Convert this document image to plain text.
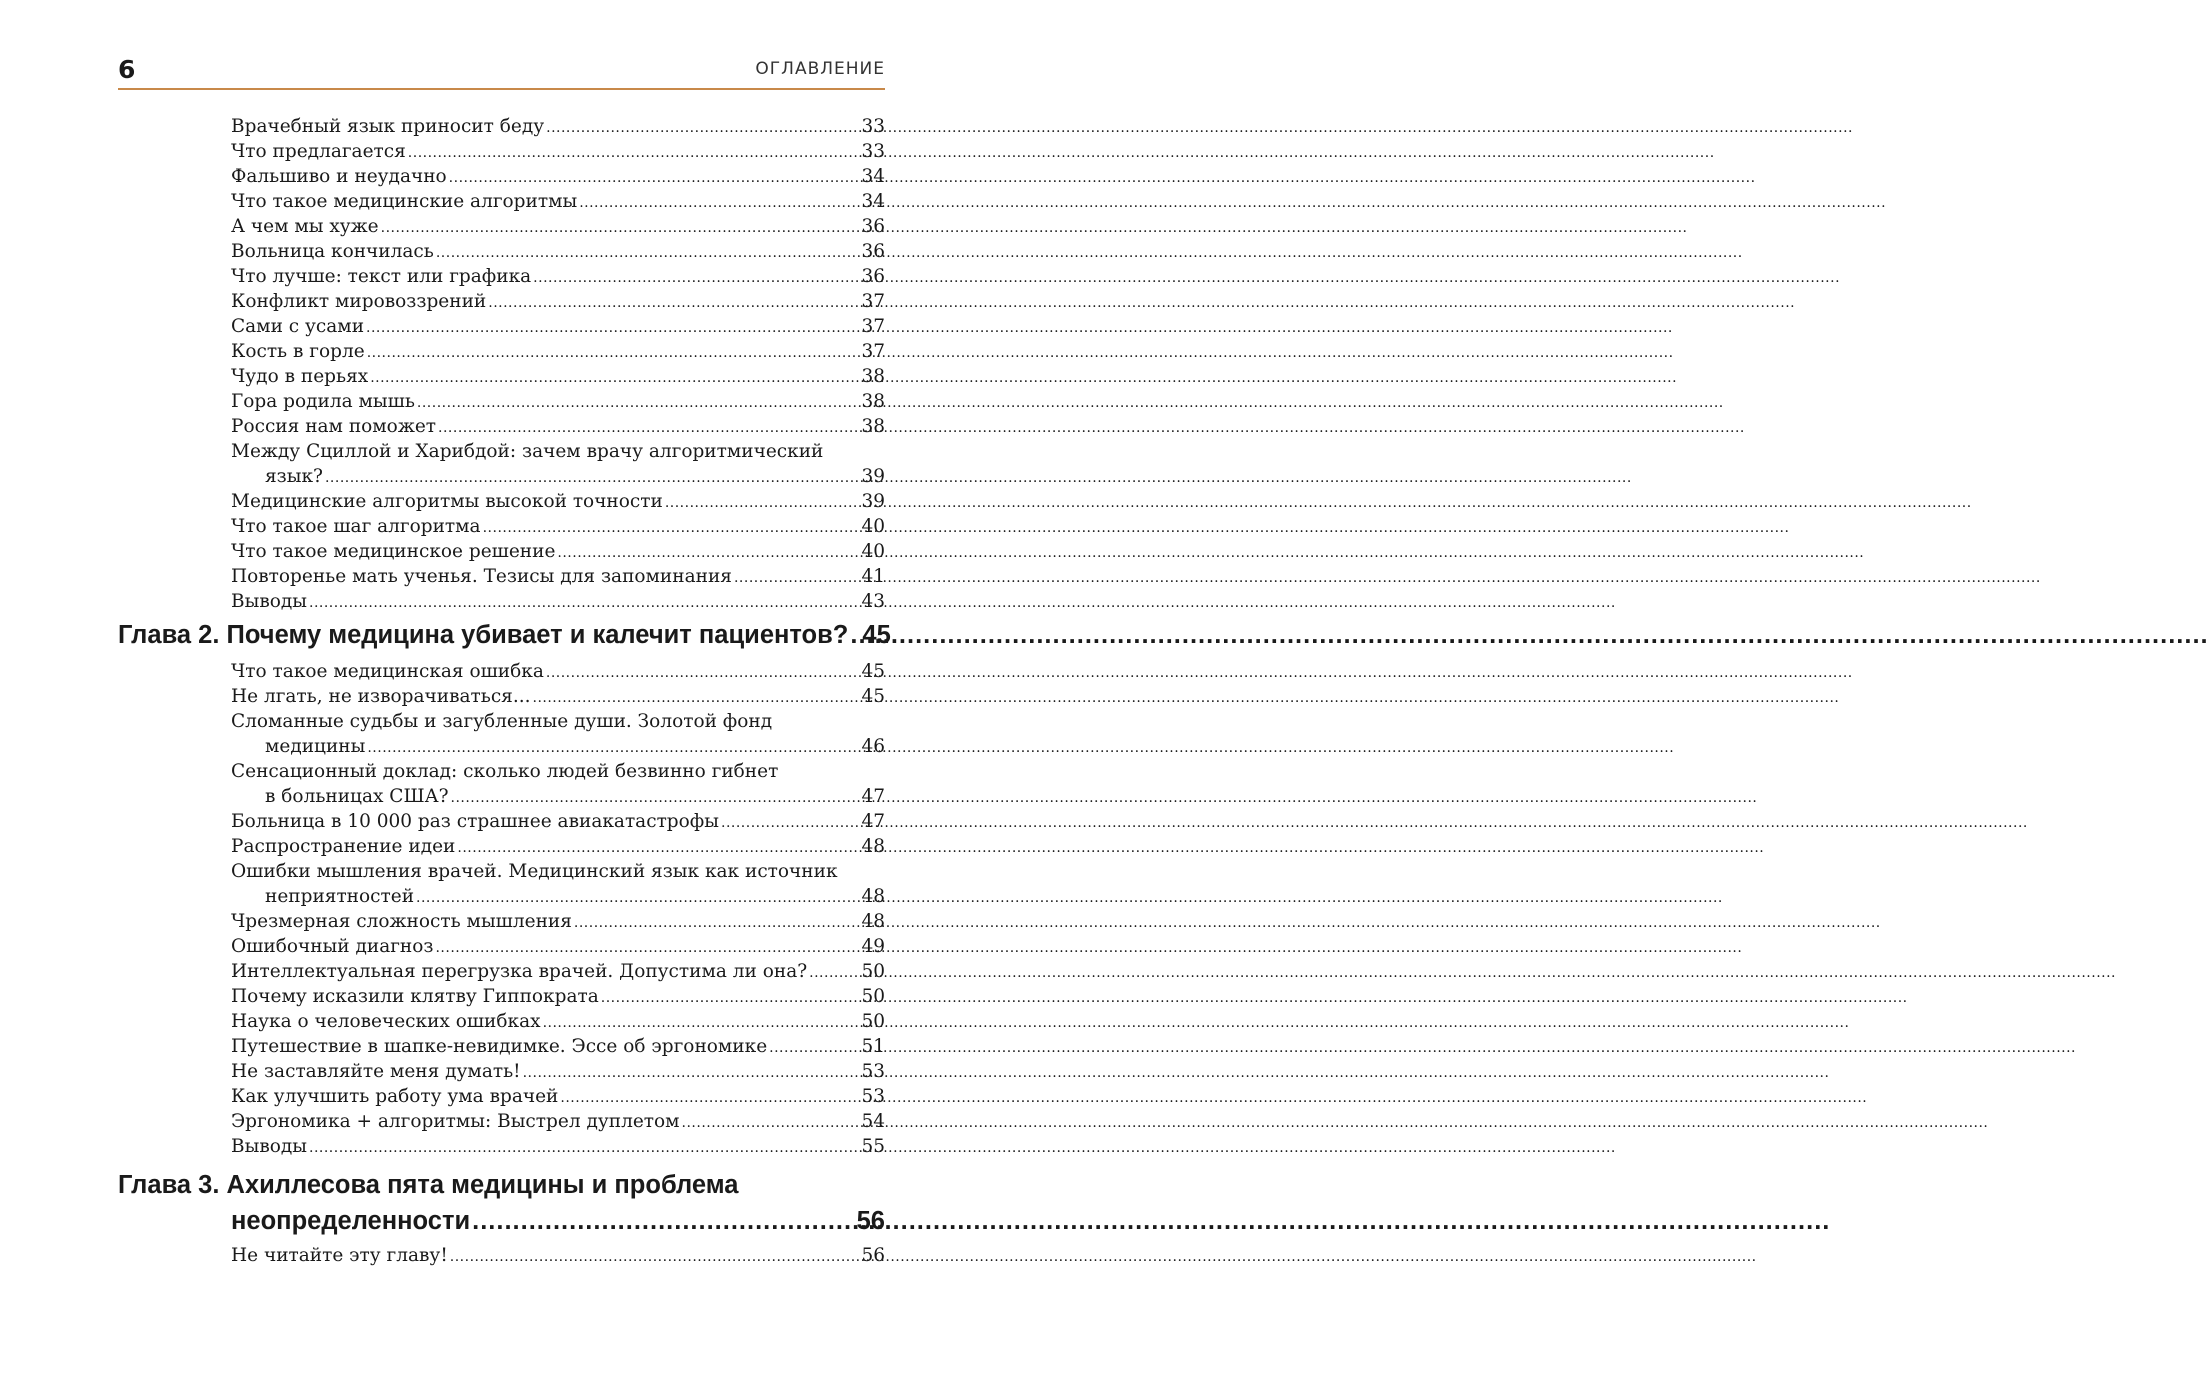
6	ОГЛАВЛЕНИЕ
Врачебный язык приносит беду .....	33
Что предлагается .....	33
Фальшиво и неудачно .....	34
Что такое медицинские алгоритмы .....	34
А чем мы хуже .....	36
Вольница кончилась .....	36
Что лучше: текст или графика .....	36
Конфликт мировоззрений .....	37
Сами с усами .....	37
Кость в горле .....	37
Чудо в перьях .....	38
Гора родила мышь .....	38
Россия нам поможет .....	38
Между Сциллой и Харибдой: зачем врачу алгоритмический
язык? .....	39
Медицинские алгоритмы высокой точности .....	39
Что такое шаг алгоритма .....	40
Что такое медицинское решение .....	40
Повторенье мать ученья. Тезисы для запоминания .....	41
Выводы .....	43
Глава 2. Почему медицина убивает и калечит пациентов? ..... 45
Что такое медицинская ошибка .....	45
Не лгать, не изворачиваться... .....	45
Сломанные судьбы и загубленные души. Золотой фонд
медицины .....	46
Сенсационный доклад: сколько людей безвинно гибнет
в больницах США? .....	47
Больница в 10 000 раз страшнее авиакатастрофы .....	47
Распространение идеи .....	48
Ошибки мышления врачей. Медицинский язык как источник
неприятностей .....	48
Чрезмерная сложность мышления .....	48
Ошибочный диагноз .....	49
Интеллектуальная перегрузка врачей. Допустима ли она? .....	50
Почему исказили клятву Гиппократа .....	50
Наука о человеческих ошибках .....	50
Путешествие в шапке-невидимке. Эссе об эргономике .....	51
Не заставляйте меня думать! .....	53
Как улучшить работу ума врачей .....	53
Эргономика + алгоритмы: Выстрел дуплетом .....	54
Выводы .....	55
Глава 3. Ахиллесова пята медицины и проблема
неопределенности .....	56
Не читайте эту главу! .....	56
